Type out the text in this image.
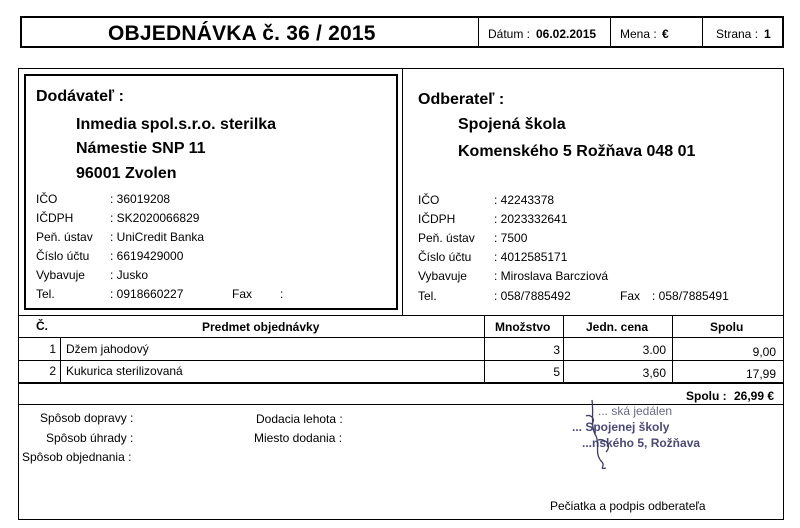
OBJEDNÁVKA č. 36 / 2015	Dátum : 06.02.2015 Mena : €	Strana : 1
Dodávateľ :
Inmedia spol.s.r.o. sterilka
Námestie SNP 11
96001 Zvolen
IČO	: 36019208
IČDPH	: SK2020066829
Peň. ústav : UniCredit Banka
Číslo účtu : 6619429000
Vybavuje : Jusko
Tel.	: 0918660227	Fax :
Odberateľ :
Spojená škola
Komenského 5 Rožňava 048 01
IČO	: 42243378
IČDPH	: 2023332641
Peň. ústav : 7500
Číslo účtu : 4012585171
Vybavuje : Miroslava Barcziová
Tel.	: 058/7885492	Fax : 058/7885491
Č.	Predmet objednávky	Množstvo	Jedn. cena	Spolu
1 Džem jahodový	3	3.00	9,00
2 Kukurica sterilizovaná	5	3,60	17,99
Spolu : 26,99 €
Spôsob dopravy :
Spôsob úhrady :
Spôsob objednania :
Dodacia lehota :
Miesto dodania :
... ská jedálen
... Spojenej školy
...nského 5, Rožňava
Pečiatka a podpis odberateľa
